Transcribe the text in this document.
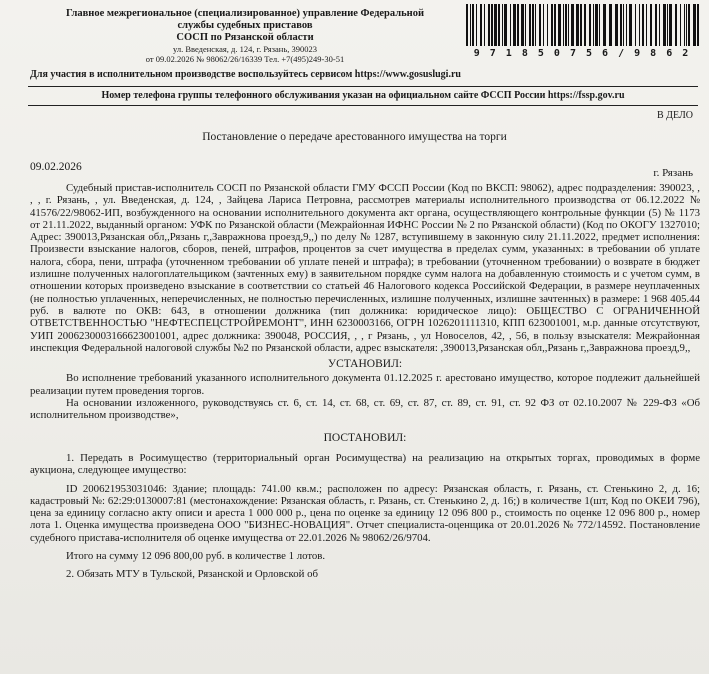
Главное межрегиональное (специализированное) управление Федеральной
службы судебных приставов
СОСП по Рязанской области
ул. Введенская, д. 124, г. Рязань, 390023
от 09.02.2026 № 98062/26/16339 Тел. +7(495)249-30-51	9 7 1 8 5 0 7 5 6 / 9 8 6 2
Для участия в исполнительном производстве воспользуйтесь сервисом https://www.gosuslugi.ru
Номер телефона группы телефонного обслуживания указан на официальном сайте ФССП России https://fssp.gov.ru
В ДЕЛО
Постановление о передаче арестованного имущества на торги
09.02.2026	г. Рязань

Судебный пристав-исполнитель СОСП по Рязанской области ГМУ ФССП России (Код по ВКСП: 98062), адрес подразделения: 390023, , , , г. Рязань, , ул. Введенская, д. 124, , Зайцева Лариса Петровна, рассмотрев материалы исполнительного производства от 06.12.2022 № 41576/22/98062-ИП, возбужденного на основании исполнительного документа акт органа, осуществляющего контрольные функции (5) № 1173 от 21.11.2022, выданный органом: УФК по Рязанской области (Межрайонная ИФНС России № 2 по Рязанской области) (Код по ОКОГУ 1327010; Адрес: 390013,Рязанская обл,,Рязань г,,Завражнова проезд,9,,) по делу № 1287, вступившему в законную силу 21.11.2022, предмет исполнения: Произвести взыскание налогов, сборов, пеней, штрафов, процентов за счет имущества в пределах сумм, указанных: в требовании об уплате налога, сбора, пени, штрафа (уточненном требовании об уплате пеней и штрафа); в требовании (уточненном требовании) о возврате в бюджет излишне полученных налогоплательщиком (зачтенных ему) в заявительном порядке сумм налога на добавленную стоимость и с учетом сумм, в отношении которых произведено взыскание в соответствии со статьей 46 Налогового кодекса Российской Федерации, в размере неуплаченных (не полностью уплаченных, неперечисленных, не полностью перечисленных, излишне полученных, излишне зачтенных) в размере: 1 968 405.44 руб. в валюте по ОКВ: 643, в отношении должника (тип должника: юридическое лицо): ОБЩЕСТВО С ОГРАНИЧЕННОЙ ОТВЕТСТВЕННОСТЬЮ "НЕФТЕСПЕЦСТРОЙРЕМОНТ", ИНН 6230003166, ОГРН 1026201111310, КПП 623001001, м.р. данные отсутствуют, УИП 2006230003166623001001, адрес должника: 390048, РОССИЯ, , , г Рязань, , ул Новоселов, 42, , 56, в пользу взыскателя: Межрайонная инспекция Федеральной налоговой службы №2 по Рязанской области, адрес взыскателя: ,390013,Рязанская обл,,Рязань г,,Завражнова проезд,9,,

УСТАНОВИЛ:

Во исполнение требований указанного исполнительного документа 01.12.2025 г. арестовано имущество, которое подлежит дальнейшей реализации путем проведения торгов.

На основании изложенного, руководствуясь ст. 6, ст. 14, ст. 68, ст. 69, ст. 87, ст. 89, ст. 91, ст. 92 ФЗ от 02.10.2007 № 229-ФЗ «Об исполнительном производстве»,

ПОСТАНОВИЛ:

1. Передать в Росимущество (территориальный орган Росимущества) на реализацию на открытых торгах, проводимых в форме аукциона, следующее имущество:

ID 200621953031046: Здание; площадь: 741.00 кв.м.; расположен по адресу: Рязанская область, г. Рязань, ст. Стенькино 2, д. 16; кадастровый №: 62:29:0130007:81 (местонахождение: Рязанская область, г. Рязань, ст. Стенькино 2, д. 16;) в количестве 1(шт, Код по ОКЕИ 796), цена за единицу согласно акту описи и ареста 1 000 000 р., цена по оценке за единицу 12 096 800 р., стоимость по оценке 12 096 800 р., номер лота 1. Оценка имущества произведена ООО "БИЗНЕС-НОВАЦИЯ". Отчет специалиста-оценщика от 20.01.2026 № 772/14592. Постановление судебного пристава-исполнителя об оценке имущества от 22.01.2026 № 98062/26/9704.

Итого на сумму 12 096 800,00 руб. в количестве 1 лотов.

2. Обязать МТУ в Тульской, Рязанской и Орловской об
